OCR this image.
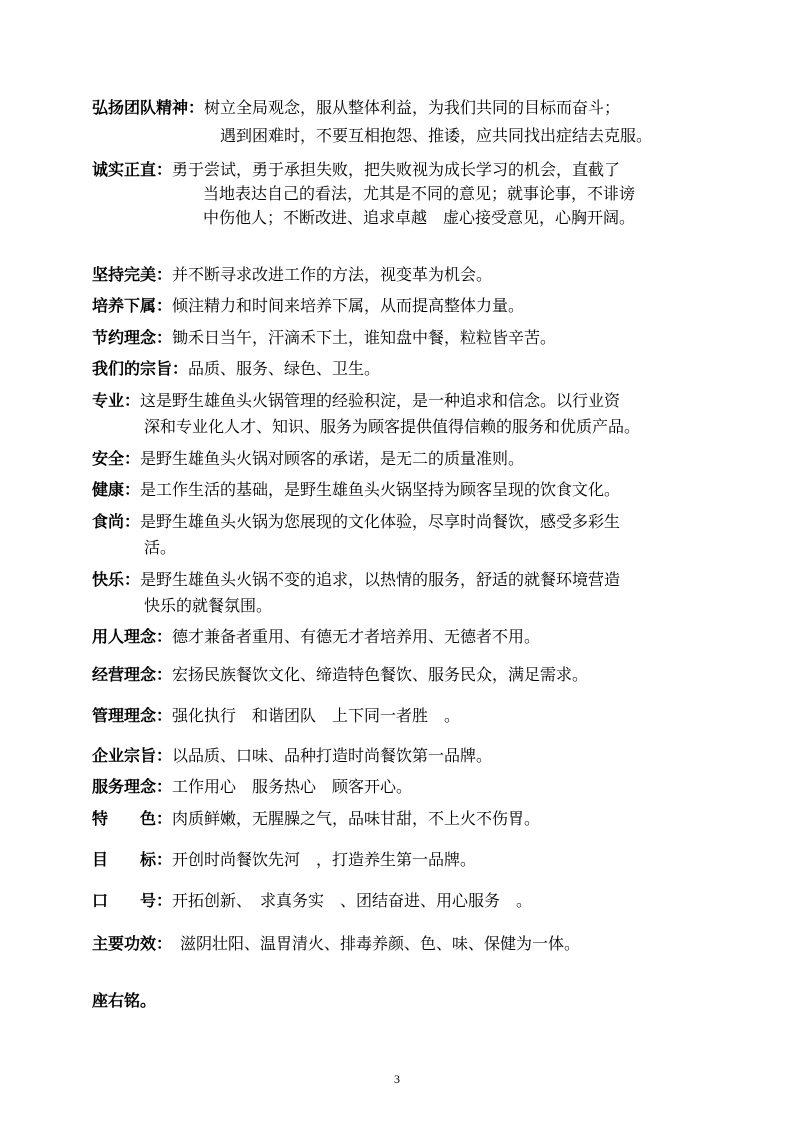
弘扬团队精神：树立全局观念，服从整体利益，为我们共同的目标而奋斗；
遇到困难时，不要互相抱怨、推诿，应共同找出症结去克服。
诚实正直：勇于尝试，勇于承担失败，把失败视为成长学习的机会，直截了
当地表达自己的看法，尤其是不同的意见；就事论事，不诽谤
中伤他人；不断改进、追求卓越　虚心接受意见，心胸开阔。
坚持完美：并不断寻求改进工作的方法，视变革为机会。
培养下属：倾注精力和时间来培养下属，从而提高整体力量。
节约理念：锄禾日当午，汗滴禾下土，谁知盘中餐，粒粒皆辛苦。
我们的宗旨：品质、服务、绿色、卫生。
专业：这是野生雄鱼头火锅管理的经验积淀，是一种追求和信念。以行业资
深和专业化人才、知识、服务为顾客提供值得信赖的服务和优质产品。
安全：是野生雄鱼头火锅对顾客的承诺，是无二的质量准则。
健康：是工作生活的基础，是野生雄鱼头火锅坚持为顾客呈现的饮食文化。
食尚：是野生雄鱼头火锅为您展现的文化体验，尽享时尚餐饮，感受多彩生
活。
快乐：是野生雄鱼头火锅不变的追求，以热情的服务，舒适的就餐环境营造
快乐的就餐氛围。
用人理念：德才兼备者重用、有德无才者培养用、无德者不用。
经营理念：宏扬民族餐饮文化、缔造特色餐饮、服务民众，满足需求。
管理理念：强化执行　和谐团队　上下同一者胜　。
企业宗旨：以品质、口味、品种打造时尚餐饮第一品牌。
服务理念：工作用心　服务热心　顾客开心。
特　　色：肉质鲜嫩，无腥臊之气，品味甘甜，不上火不伤胃。
目　　标：开创时尚餐饮先河　，打造养生第一品牌。
口　　号：开拓创新、　求真务实　、团结奋进、用心服务　。
主要功效：　滋阴壮阳、温胃清火、排毒养颜、色、味、保健为一体。
座右铭。
3
